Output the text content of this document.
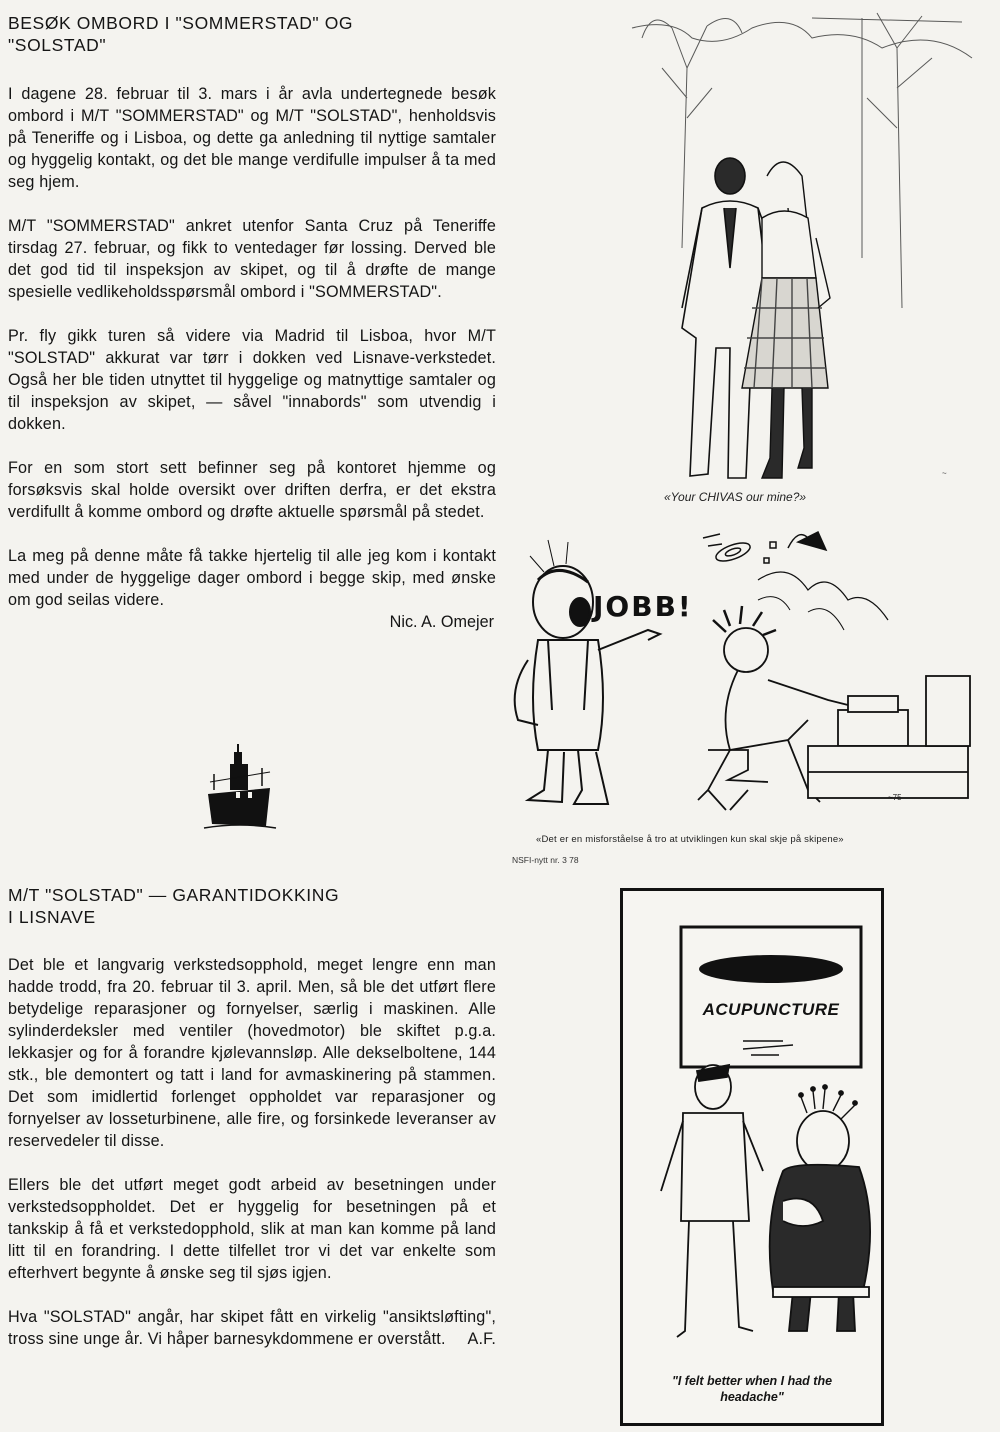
BESØK OMBORD I "SOMMERSTAD" OG
"SOLSTAD"

I dagene 28. februar til 3. mars i år avla undertegnede besøk ombord i M/T "SOMMERSTAD" og M/T "SOLSTAD", henholdsvis på Teneriffe og i Lisboa, og dette ga anledning til nyttige samtaler og hyggelig kontakt, og det ble mange verdifulle impulser å ta med seg hjem.

M/T "SOMMERSTAD" ankret utenfor Santa Cruz på Teneriffe tirsdag 27. februar, og fikk to ventedager før lossing. Derved ble det god tid til inspeksjon av skipet, og til å drøfte de mange spesielle vedlikeholdsspørsmål ombord i "SOMMERSTAD".

Pr. fly gikk turen så videre via Madrid til Lisboa, hvor M/T "SOLSTAD" akkurat var tørr i dokken ved Lisnave-verkstedet. Også her ble tiden utnyttet til hyggelige og matnyttige samtaler og til inspeksjon av skipet, — såvel "innabords" som utvendig i dokken.

For en som stort sett befinner seg på kontoret hjemme og forsøksvis skal holde oversikt over driften derfra, er det ekstra verdifullt å komme ombord og drøfte aktuelle spørsmål på stedet.

La meg på denne måte få takke hjertelig til alle jeg kom i kontakt med under de hyggelige dager ombord i begge skip, med ønske om god seilas videre.

Nic. A. Omejer

M/T "SOLSTAD" — GARANTIDOKKING
I LISNAVE

Det ble et langvarig verkstedsopphold, meget lengre enn man hadde trodd, fra 20. februar til 3. april. Men, så ble det utført flere betydelige reparasjoner og fornyelser, særlig i maskinen. Alle sylinderdeksler med ventiler (hovedmotor) ble skiftet p.g.a. lekkasjer og for å forandre kjølevannsløp. Alle dekselboltene, 144 stk., ble demontert og tatt i land for avmaskinering på stammen. Det som imidlertid forlenget oppholdet var reparasjoner og fornyelser av losseturbinene, alle fire, og forsinkede leveranser av reservedeler til disse.

Ellers ble det utført meget godt arbeid av besetningen under verkstedsoppholdet. Det er hyggelig for besetningen på et tankskip å få et verkstedopphold, slik at man kan komme på land litt til en forandring. I dette tilfellet tror vi det var enkelte som efterhvert begynte å ønske seg til sjøs igjen.

Hva "SOLSTAD" angår, har skipet fått en virkelig "ansiktsløfting", tross sine unge år. Vi håper barnesykdommene er overstått. A.F.

~
«Your CHIVAS our mine?»
JOBB!
~75
«Det er en misforståelse å tro at utviklingen kun skal skje på skipene»
NSFI-nytt nr. 3 78
ACUPUNCTURE
"I felt better when I had the
headache"
